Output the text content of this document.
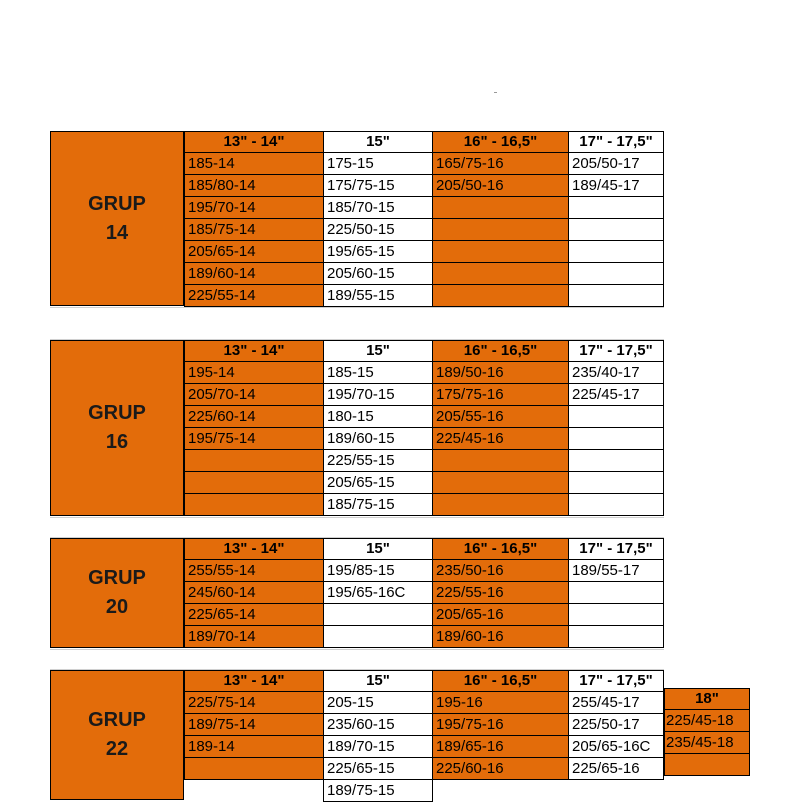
GRUP
14
13" - 14"
185-14
185/80-14
195/70-14
185/75-14
205/65-14
189/60-14
225/55-14
15"
175-15
175/75-15
185/70-15
225/50-15
195/65-15
205/60-15
189/55-15
16" - 16,5"
165/75-16
205/50-16
17" - 17,5"
205/50-17
189/45-17
GRUP
16
13" - 14"
195-14
205/70-14
225/60-14
195/75-14
15"
185-15
195/70-15
180-15
189/60-15
225/55-15
205/65-15
185/75-15
16" - 16,5"
189/50-16
175/75-16
205/55-16
225/45-16
17" - 17,5"
235/40-17
225/45-17
GRUP
20
13" - 14"
255/55-14
245/60-14
225/65-14
189/70-14
15"
195/85-15
195/65-16C
16" - 16,5"
235/50-16
225/55-16
205/65-16
189/60-16
17" - 17,5"
189/55-17
GRUP
22
13" - 14"
225/75-14
189/75-14
189-14
15"
205-15
235/60-15
189/70-15
225/65-15
189/75-15
16" - 16,5"
195-16
195/75-16
189/65-16
225/60-16
17" - 17,5"
255/45-17
225/50-17
205/65-16C
225/65-16
18"
225/45-18
235/45-18
